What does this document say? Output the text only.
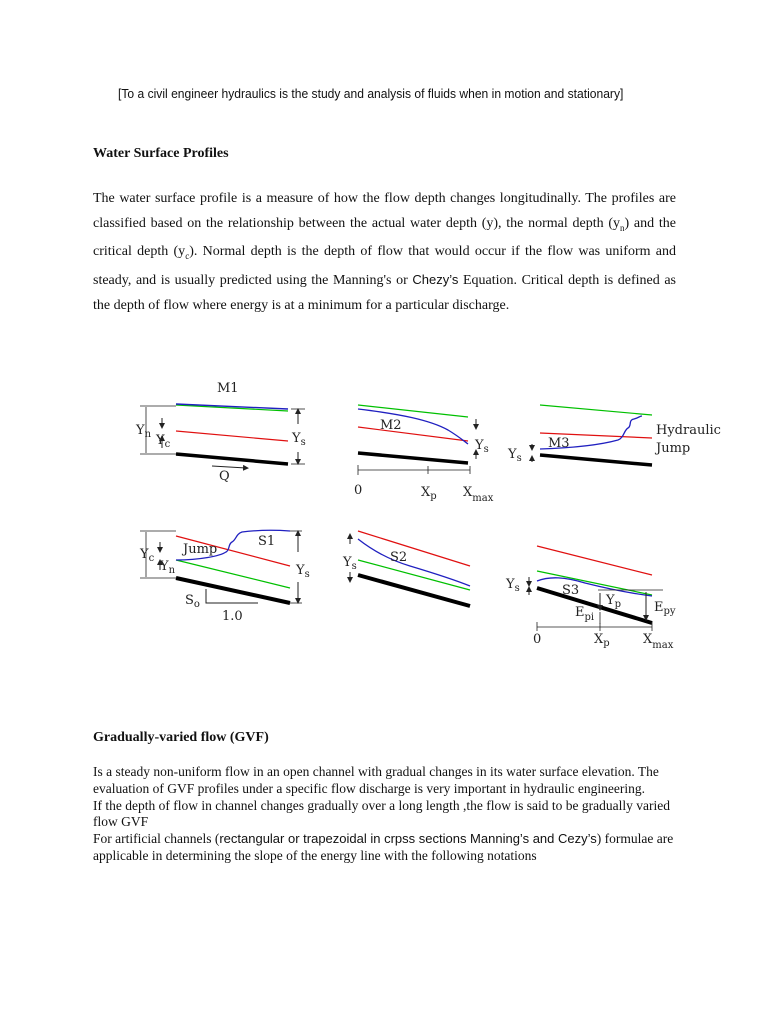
[To a civil engineer hydraulics is the study and analysis of fluids when in motion and stationary]
Water Surface Profiles
The water surface profile is a measure of how the flow depth changes longitudinally. The profiles are classified based on the relationship between the actual water depth (y), the normal depth $(y_n)$ and the critical depth $(y_c)$. Normal depth is the depth of flow that would occur if the flow was uniform and steady, and is usually predicted using the Manning's or Chezy’s Equation. Critical depth is defined as the depth of flow where energy is at a minimum for a particular discharge.
M1
Q
$Y_n$ $Y_c$	$Y_s$
M2
$Y_s$
0	$X_p$ $X_{max}$
M3
Hydraulic
Jump
$Y_s$
S1
Jump
$Y_c$
$Y_n$	$Y_s$
$S_o$
1.0
S2
$Y_s$
S3
$Y_s$
$Y_p$	$E_{py}$
$E_{pi}$
0	$X_p$	$X_{max}$
Gradually-varied flow (GVF)

Is a steady non-uniform flow in an open channel with gradual changes in its water surface elevation. The evaluation of GVF profiles under a specific flow discharge is very important in hydraulic engineering.

If the depth of flow in channel changes gradually over a long length ,the flow is said to be gradually varied flow GVF

For artificial channels (rectangular or trapezoidal in crpss sections Manning’s and Cezy’s) formulae are applicable in determining the slope of the energy line with the following notations
